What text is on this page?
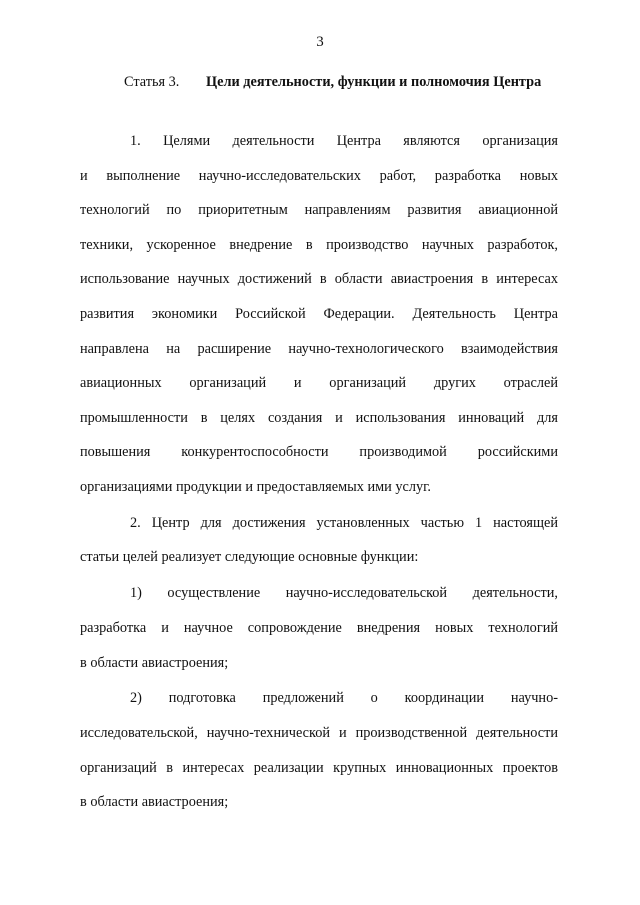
3
Статья 3. Цели деятельности, функции и полномочия Центра
1. Целями деятельности Центра являются организация
и выполнение научно-исследовательских работ, разработка новых
технологий по приоритетным направлениям развития авиационной
техники, ускоренное внедрение в производство научных разработок,
использование научных достижений в области авиастроения в интересах
развития экономики Российской Федерации. Деятельность Центра
направлена на расширение научно-технологического взаимодействия
авиационных организаций и организаций других отраслей
промышленности в целях создания и использования инноваций для
повышения конкурентоспособности производимой российскими
организациями продукции и предоставляемых ими услуг.
2. Центр для достижения установленных частью 1 настоящей
статьи целей реализует следующие основные функции:
1) осуществление научно-исследовательской деятельности,
разработка и научное сопровождение внедрения новых технологий
в области авиастроения;
2) подготовка предложений о координации научно-
исследовательской, научно-технической и производственной деятельности
организаций в интересах реализации крупных инновационных проектов
в области авиастроения;
